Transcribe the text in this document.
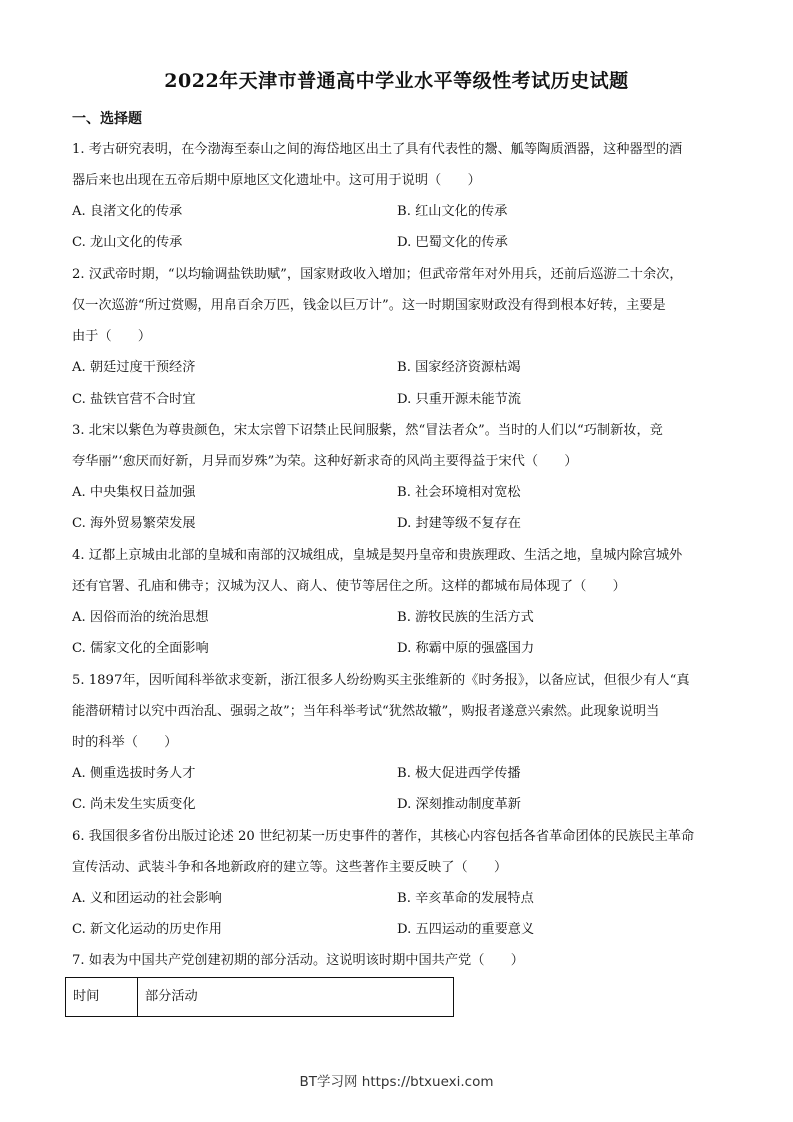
2022年天津市普通高中学业水平等级性考试历史试题
一、选择题
1. 考古研究表明，在今渤海至泰山之间的海岱地区出土了具有代表性的鬶、觚等陶质酒器，这种器型的酒
器后来也出现在五帝后期中原地区文化遗址中。这可用于说明（　　）
A. 良渚文化的传承	B. 红山文化的传承
C. 龙山文化的传承	D. 巴蜀文化的传承
2. 汉武帝时期，“以均输调盐铁助赋”，国家财政收入增加；但武帝常年对外用兵，还前后巡游二十余次，
仅一次巡游“所过赏赐，用帛百余万匹，钱金以巨万计”。这一时期国家财政没有得到根本好转，主要是
由于（　　）
A. 朝廷过度干预经济	B. 国家经济资源枯竭
C. 盐铁官营不合时宜	D. 只重开源未能节流
3. 北宋以紫色为尊贵颜色，宋太宗曾下诏禁止民间服紫，然“冒法者众”。当时的人们以“巧制新妆，竞
夸华丽”‘愈厌而好新，月异而岁殊”为荣。这种好新求奇的风尚主要得益于宋代（　　）
A. 中央集权日益加强	B. 社会环境相对宽松
C. 海外贸易繁荣发展	D. 封建等级不复存在
4. 辽都上京城由北部的皇城和南部的汉城组成，皇城是契丹皇帝和贵族理政、生活之地，皇城内除宫城外
还有官署、孔庙和佛寺；汉城为汉人、商人、使节等居住之所。这样的都城布局体现了（　　）
A. 因俗而治的统治思想	B. 游牧民族的生活方式
C. 儒家文化的全面影响	D. 称霸中原的强盛国力
5. 1897年，因听闻科举欲求变新，浙江很多人纷纷购买主张维新的《时务报》，以备应试，但很少有人“真
能潜研精讨以究中西治乱、强弱之故”；当年科举考试“犹然故辙”，购报者遂意兴索然。此现象说明当
时的科举（　　）
A. 侧重选拔时务人才	B. 极大促进西学传播
C. 尚未发生实质变化	D. 深刻推动制度革新
6. 我国很多省份出版过论述 20 世纪初某一历史事件的著作，其核心内容包括各省革命团体的民族民主革命
宣传活动、武装斗争和各地新政府的建立等。这些著作主要反映了（　　）
A. 义和团运动的社会影响	B. 辛亥革命的发展特点
C. 新文化运动的历史作用	D. 五四运动的重要意义
7. 如表为中国共产党创建初期的部分活动。这说明该时期中国共产党（　　）
时间	部分活动
BT学习网 https://btxuexi.com
